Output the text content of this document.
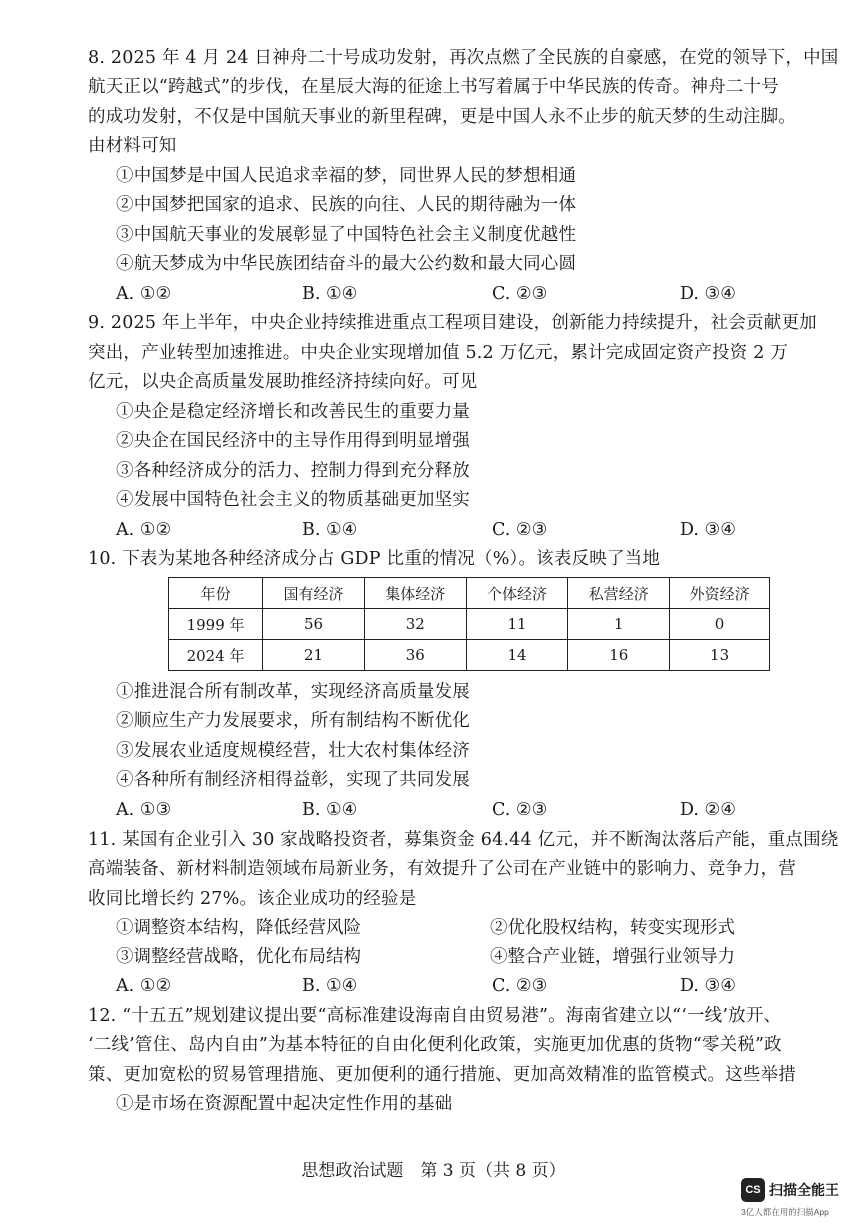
8. 2025 年 4 月 24 日神舟二十号成功发射，再次点燃了全民族的自豪感，在党的领导下，中国
航天正以“跨越式”的步伐，在星辰大海的征途上书写着属于中华民族的传奇。神舟二十号
的成功发射，不仅是中国航天事业的新里程碑，更是中国人永不止步的航天梦的生动注脚。
由材料可知
①中国梦是中国人民追求幸福的梦，同世界人民的梦想相通
②中国梦把国家的追求、民族的向往、人民的期待融为一体
③中国航天事业的发展彰显了中国特色社会主义制度优越性
④航天梦成为中华民族团结奋斗的最大公约数和最大同心圆
A. ①②	B. ①④	C. ②③	D. ③④
9. 2025 年上半年，中央企业持续推进重点工程项目建设，创新能力持续提升，社会贡献更加
突出，产业转型加速推进。中央企业实现增加值 5.2 万亿元，累计完成固定资产投资 2 万
亿元，以央企高质量发展助推经济持续向好。可见
①央企是稳定经济增长和改善民生的重要力量
②央企在国民经济中的主导作用得到明显增强
③各种经济成分的活力、控制力得到充分释放
④发展中国特色社会主义的物质基础更加坚实
A. ①②	B. ①④	C. ②③	D. ③④
10. 下表为某地各种经济成分占 GDP 比重的情况（%）。该表反映了当地
年份	国有经济	集体经济	个体经济	私营经济	外资经济
1999 年	56	32	11	1	0
2024 年	21	36	14	16	13
①推进混合所有制改革，实现经济高质量发展
②顺应生产力发展要求，所有制结构不断优化
③发展农业适度规模经营，壮大农村集体经济
④各种所有制经济相得益彰，实现了共同发展
A. ①③	B. ①④	C. ②③	D. ②④
11. 某国有企业引入 30 家战略投资者，募集资金 64.44 亿元，并不断淘汰落后产能，重点围绕
高端装备、新材料制造领域布局新业务，有效提升了公司在产业链中的影响力、竞争力，营
收同比增长约 27%。该企业成功的经验是
①调整资本结构，降低经营风险	②优化股权结构，转变实现形式
③调整经营战略，优化布局结构	④整合产业链，增强行业领导力
A. ①②	B. ①④	C. ②③	D. ③④
12. “十五五”规划建议提出要“高标准建设海南自由贸易港”。海南省建立以“‘一线’放开、
‘二线’管住、岛内自由”为基本特征的自由化便利化政策，实施更加优惠的货物“零关税”政
策、更加宽松的贸易管理措施、更加便利的通行措施、更加高效精准的监管模式。这些举措
①是市场在资源配置中起决定性作用的基础
思想政治试题　第 3 页（共 8 页）
CS 扫描全能王
3亿人都在用的扫描App
